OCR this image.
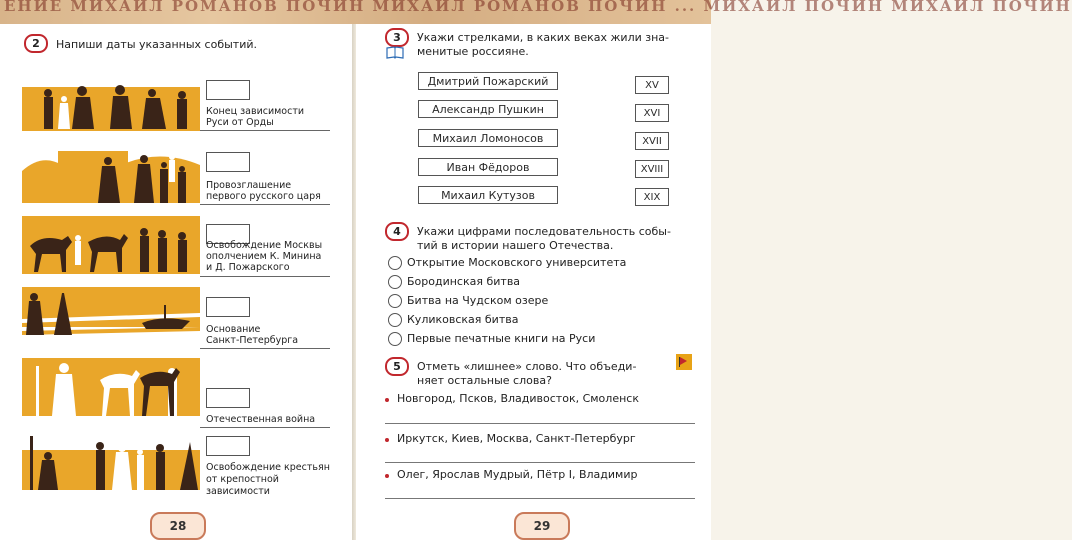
ЕНИЕ МИХАИЛ РОМАНОВ ПОЧИН МИХАИЛ РОМАНОВ ПОЧИН ... МИХАИЛ ПОЧИН МИХАИЛ ПОЧИН
2	Напиши даты указанных событий.
Конец зависимости
Руси от Орды
Провозглашение
первого русского царя
Освобождение Москвы
ополчением К. Минина
и Д. Пожарского
Основание
Санкт-Петербурга
Отечественная война
Освобождение крестьян
от крепостной
зависимости
28
3	Укажи стрелками, в каких веках жили зна-
менитые россияне.
Дмитрий Пожарский
Александр Пушкин
Михаил Ломоносов
Иван Фёдоров
Михаил Кутузов
XV
XVI
XVII
XVIII
XIX
4	Укажи цифрами последовательность собы-
тий в истории нашего Отечества.
Открытие Московского университета
Бородинская битва
Битва на Чудском озере
Куликовская битва
Первые печатные книги на Руси
5	Отметь «лишнее» слово. Что объеди-
няет остальные слова?
Новгород, Псков, Владивосток, Смоленск
Иркутск, Киев, Москва, Санкт-Петербург
Олег, Ярослав Мудрый, Пётр I, Владимир
29
